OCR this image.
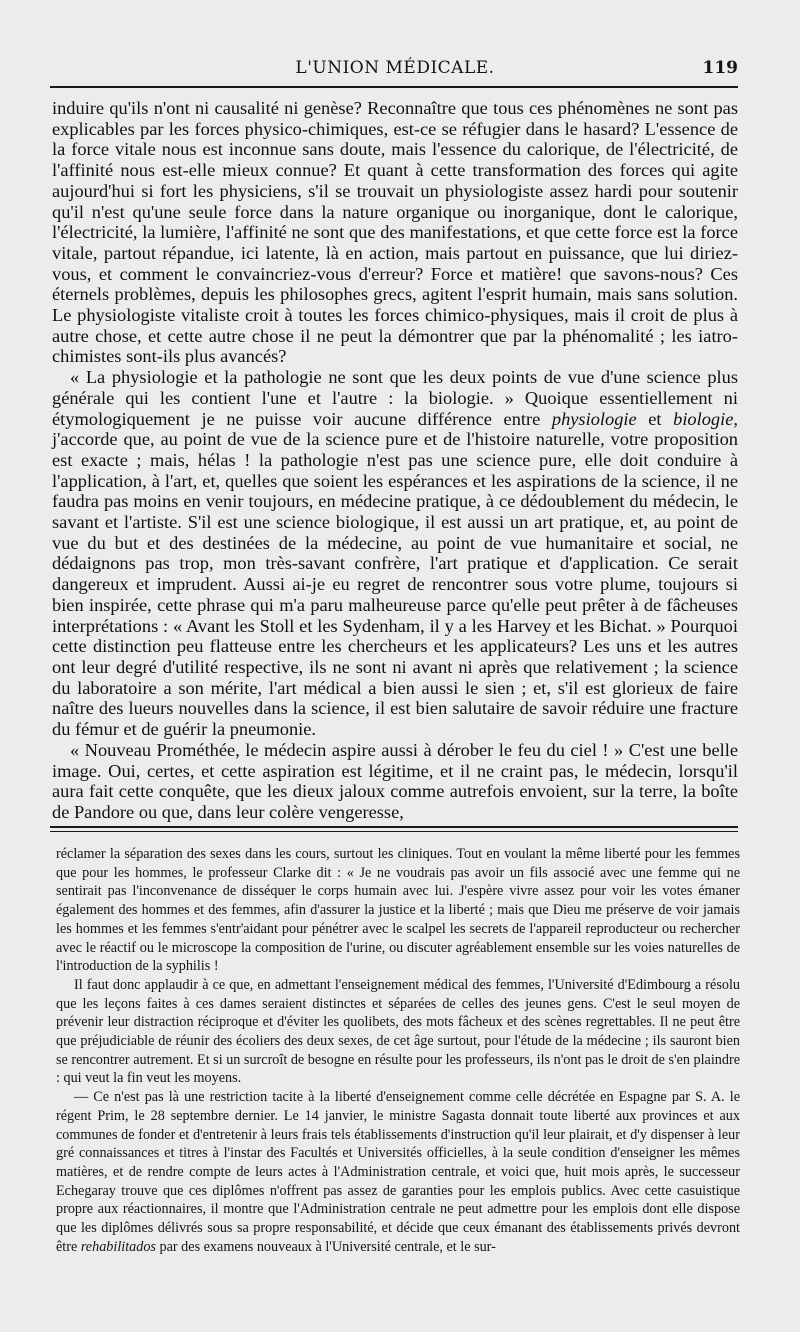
L'UNION MÉDICALE.	119

induire qu'ils n'ont ni causalité ni genèse? Reconnaître que tous ces phénomènes ne sont pas explicables par les forces physico-chimiques, est-ce se réfugier dans le hasard? L'essence de la force vitale nous est inconnue sans doute, mais l'essence du calorique, de l'électricité, de l'affinité nous est-elle mieux connue? Et quant à cette transformation des forces qui agite aujourd'hui si fort les physiciens, s'il se trouvait un physiologiste assez hardi pour soutenir qu'il n'est qu'une seule force dans la nature organique ou inorganique, dont le calorique, l'électricité, la lumière, l'affinité ne sont que des manifestations, et que cette force est la force vitale, partout répandue, ici latente, là en action, mais partout en puissance, que lui diriez-vous, et comment le convaincriez-vous d'erreur? Force et matière! que savons-nous? Ces éternels problèmes, depuis les philosophes grecs, agitent l'esprit humain, mais sans solution. Le physiologiste vitaliste croit à toutes les forces chimico-physiques, mais il croit de plus à autre chose, et cette autre chose il ne peut la démontrer que par la phénomalité ; les iatro-chimistes sont-ils plus avancés?

« La physiologie et la pathologie ne sont que les deux points de vue d'une science plus générale qui les contient l'une et l'autre : la biologie. » Quoique essentiellement ni étymologiquement je ne puisse voir aucune différence entre physiologie et biologie, j'accorde que, au point de vue de la science pure et de l'histoire naturelle, votre proposition est exacte ; mais, hélas ! la pathologie n'est pas une science pure, elle doit conduire à l'application, à l'art, et, quelles que soient les espérances et les aspirations de la science, il ne faudra pas moins en venir toujours, en médecine pratique, à ce dédoublement du médecin, le savant et l'artiste. S'il est une science biologique, il est aussi un art pratique, et, au point de vue du but et des destinées de la médecine, au point de vue humanitaire et social, ne dédaignons pas trop, mon très-savant confrère, l'art pratique et d'application. Ce serait dangereux et imprudent. Aussi ai-je eu regret de rencontrer sous votre plume, toujours si bien inspirée, cette phrase qui m'a paru malheureuse parce qu'elle peut prêter à de fâcheuses interprétations : « Avant les Stoll et les Sydenham, il y a les Harvey et les Bichat. » Pourquoi cette distinction peu flatteuse entre les chercheurs et les applicateurs? Les uns et les autres ont leur degré d'utilité respective, ils ne sont ni avant ni après que relativement ; la science du laboratoire a son mérite, l'art médical a bien aussi le sien ; et, s'il est glorieux de faire naître des lueurs nouvelles dans la science, il est bien salutaire de savoir réduire une fracture du fémur et de guérir la pneumonie.

« Nouveau Prométhée, le médecin aspire aussi à dérober le feu du ciel ! » C'est une belle image. Oui, certes, et cette aspiration est légitime, et il ne craint pas, le médecin, lorsqu'il aura fait cette conquête, que les dieux jaloux comme autrefois envoient, sur la terre, la boîte de Pandore ou que, dans leur colère vengeresse,

réclamer la séparation des sexes dans les cours, surtout les cliniques. Tout en voulant la même liberté pour les femmes que pour les hommes, le professeur Clarke dit : « Je ne voudrais pas avoir un fils associé avec une femme qui ne sentirait pas l'inconvenance de disséquer le corps humain avec lui. J'espère vivre assez pour voir les votes émaner également des hommes et des femmes, afin d'assurer la justice et la liberté ; mais que Dieu me préserve de voir jamais les hommes et les femmes s'entr'aidant pour pénétrer avec le scalpel les secrets de l'appareil reproducteur ou rechercher avec le réactif ou le microscope la composition de l'urine, ou discuter agréablement ensemble sur les voies naturelles de l'introduction de la syphilis !

Il faut donc applaudir à ce que, en admettant l'enseignement médical des femmes, l'Université d'Edimbourg a résolu que les leçons faites à ces dames seraient distinctes et séparées de celles des jeunes gens. C'est le seul moyen de prévenir leur distraction réciproque et d'éviter les quolibets, des mots fâcheux et des scènes regrettables. Il ne peut être que préjudiciable de réunir des écoliers des deux sexes, de cet âge surtout, pour l'étude de la médecine ; ils sauront bien se rencontrer autrement. Et si un surcroît de besogne en résulte pour les professeurs, ils n'ont pas le droit de s'en plaindre : qui veut la fin veut les moyens.

— Ce n'est pas là une restriction tacite à la liberté d'enseignement comme celle décrétée en Espagne par S. A. le régent Prim, le 28 septembre dernier. Le 14 janvier, le ministre Sagasta donnait toute liberté aux provinces et aux communes de fonder et d'entretenir à leurs frais tels établissements d'instruction qu'il leur plairait, et d'y dispenser à leur gré connaissances et titres à l'instar des Facultés et Universités officielles, à la seule condition d'enseigner les mêmes matières, et de rendre compte de leurs actes à l'Administration centrale, et voici que, huit mois après, le successeur Echegaray trouve que ces diplômes n'offrent pas assez de garanties pour les emplois publics. Avec cette casuistique propre aux réactionnaires, il montre que l'Administration centrale ne peut admettre pour les emplois dont elle dispose que les diplômes délivrés sous sa propre responsabilité, et décide que ceux émanant des établissements privés devront être rehabilitados par des examens nouveaux à l'Université centrale, et le sur-
